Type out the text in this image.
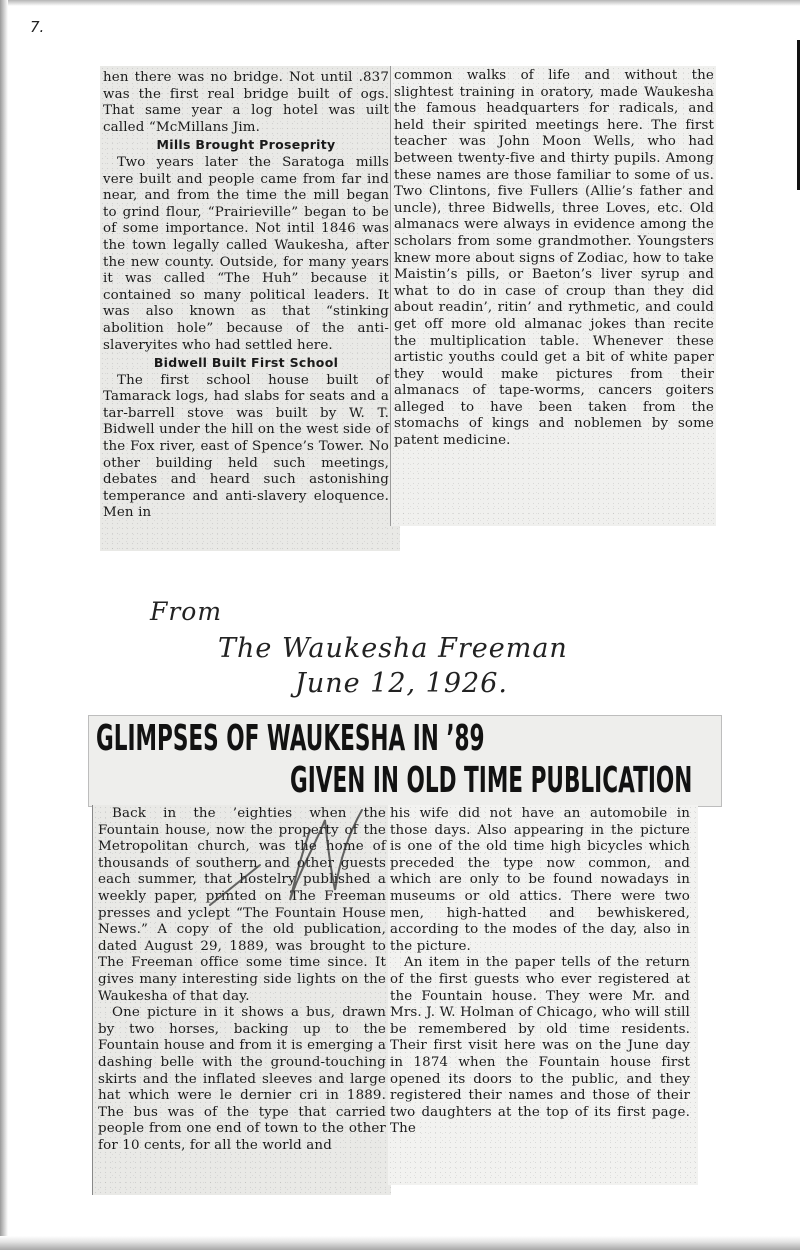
7.

hen there was no bridge. Not until .837 was the first real bridge built of ogs. That same year a log hotel was uilt called “McMillans Jim.

Mills Brought Proseprity

Two years later the Saratoga mills vere built and people came from far ind near, and from the time the mill began to grind flour, “Prairieville” began to be of some importance. Not intil 1846 was the town legally called Waukesha, after the new county. Outside, for many years it was called “The Huh” because it contained so many political leaders. It was also known as that “stinking abolition hole” because of the anti-slaveryites who had settled here.

Bidwell Built First School

The first school house built of Tamarack logs, had slabs for seats and a tar-barrell stove was built by W. T. Bidwell under the hill on the west side of the Fox river, east of Spence’s Tower. No other building held such meetings, debates and heard such astonishing temperance and anti-slavery eloquence. Men in

common walks of life and without the slightest training in oratory, made Waukesha the famous headquarters for radicals, and held their spirited meetings here. The first teacher was John Moon Wells, who had between twenty-five and thirty pupils. Among these names are those familiar to some of us. Two Clintons, five Fullers (Allie’s father and uncle), three Bidwells, three Loves, etc. Old almanacs were always in evidence among the scholars from some grandmother. Youngsters knew more about signs of Zodiac, how to take Maistin’s pills, or Baeton’s liver syrup and what to do in case of croup than they did about readin’, ritin’ and rythmetic, and could get off more old almanac jokes than recite the multiplication table. Whenever these artistic youths could get a bit of white paper they would make pictures from their almanacs of tape-worms, cancers goiters alleged to have been taken from the stomachs of kings and noblemen by some patent medicine.

From
The Waukesha Freeman
June 12, 1926.
GLIMPSES OF WAUKESHA IN ’89
GIVEN IN OLD TIME PUBLICATION

Back in the ’eighties when the Fountain house, now the property of the Metropolitan church, was the home of thousands of southern and other guests each summer, that hostelry published a weekly paper, printed on The Freeman presses and yclept “The Fountain House News.” A copy of the old publication, dated August 29, 1889, was brought to The Freeman office some time since. It gives many interesting side lights on the Waukesha of that day.

One picture in it shows a bus, drawn by two horses, backing up to the Fountain house and from it is emerging a dashing belle with the ground-touching skirts and the inflated sleeves and large hat which were le dernier cri in 1889. The bus was of the type that carried people from one end of town to the other for 10 cents, for all the world and

his wife did not have an automobile in those days. Also appearing in the picture is one of the old time high bicycles which preceded the type now common, and which are only to be found nowadays in museums or old attics. There were two men, high-hatted and bewhiskered, according to the modes of the day, also in the picture.

An item in the paper tells of the return of the first guests who ever registered at the Fountain house. They were Mr. and Mrs. J. W. Holman of Chicago, who will still be remembered by old time residents. Their first visit here was on the June day in 1874 when the Fountain house first opened its doors to the public, and they registered their names and those of their two daughters at the top of its first page. The
